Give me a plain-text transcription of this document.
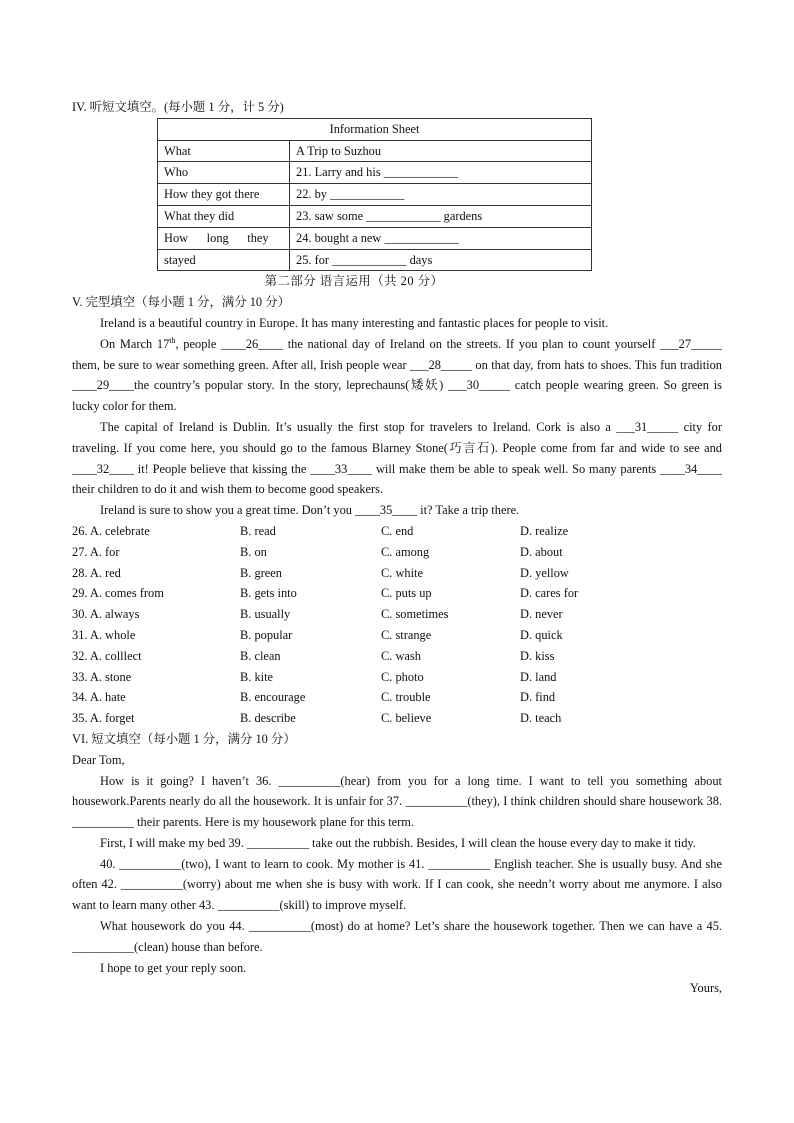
IV. 听短文填空。(每小题 1 分，计 5 分)
Information Sheet	
What	A Trip to Suzhou
Who	21. Larry and his ____________
How they got there	22. by ____________
What they did	23. saw some ____________ gardens
How      long      they	24. bought a new ____________
stayed	25. for ____________ days
第二部分 语言运用（共 20 分）
V. 完型填空（每小题 1 分，满分 10 分）

Ireland is a beautiful country in Europe. It has many interesting and fantastic places for people to visit.

On March 17th, people ____26____ the national day of Ireland on the streets. If you plan to count yourself ___27_____ them, be sure to wear something green. After all, Irish people wear ___28_____ on that day, from hats to shoes. This fun tradition ____29____the country’s popular story. In the story, leprechauns(矮妖) ___30_____ catch people wearing green. So green is lucky color for them.

The capital of Ireland is Dublin. It’s usually the first stop for travelers to Ireland. Cork is also a ___31_____ city for traveling. If you come here, you should go to the famous Blarney Stone(巧言石). People come from far and wide to see and ____32____ it! People believe that kissing the ____33____ will make them be able to speak well. So many parents ____34____ their children to do it and wish them to become good speakers.

Ireland is sure to show you a great time. Don’t you ____35____ it? Take a trip there.

26. A. celebrate	B. read	C. end	D. realize
27. A. for	B. on	C. among	D. about
28. A. red	B. green	C. white	D. yellow
29. A. comes from	B. gets into	C. puts up	D. cares for
30. A. always	B. usually	C. sometimes	D. never
31. A. whole	B. popular	C. strange	D. quick
32. A. colllect	B. clean	C. wash	D. kiss
33. A. stone	B. kite	C. photo	D. land
34. A. hate	B. encourage	C. trouble	D. find
35. A. forget	B. describe	C. believe	D. teach
VI. 短文填空（每小题 1 分，满分 10 分）

Dear Tom,

How is it going? I haven’t 36. __________(hear) from you for a long time. I want to tell you something about housework.Parents nearly do all the housework. It is unfair for 37. __________(they), I think children should share housework 38. __________ their parents. Here is my housework plane for this term.

First, I will make my bed 39. __________ take out the rubbish. Besides, I will clean the house every day to make it tidy.

40. __________(two), I want to learn to cook. My mother is 41. __________ English teacher. She is usually busy. And she often 42. __________(worry) about me when she is busy with work. If I can cook, she needn’t worry about me anymore. I also want to learn many other 43. __________(skill) to improve myself.

What housework do you 44. __________(most) do at home? Let’s share the housework together. Then we can have a 45. __________(clean) house than before.

I hope to get your reply soon.

Yours,
